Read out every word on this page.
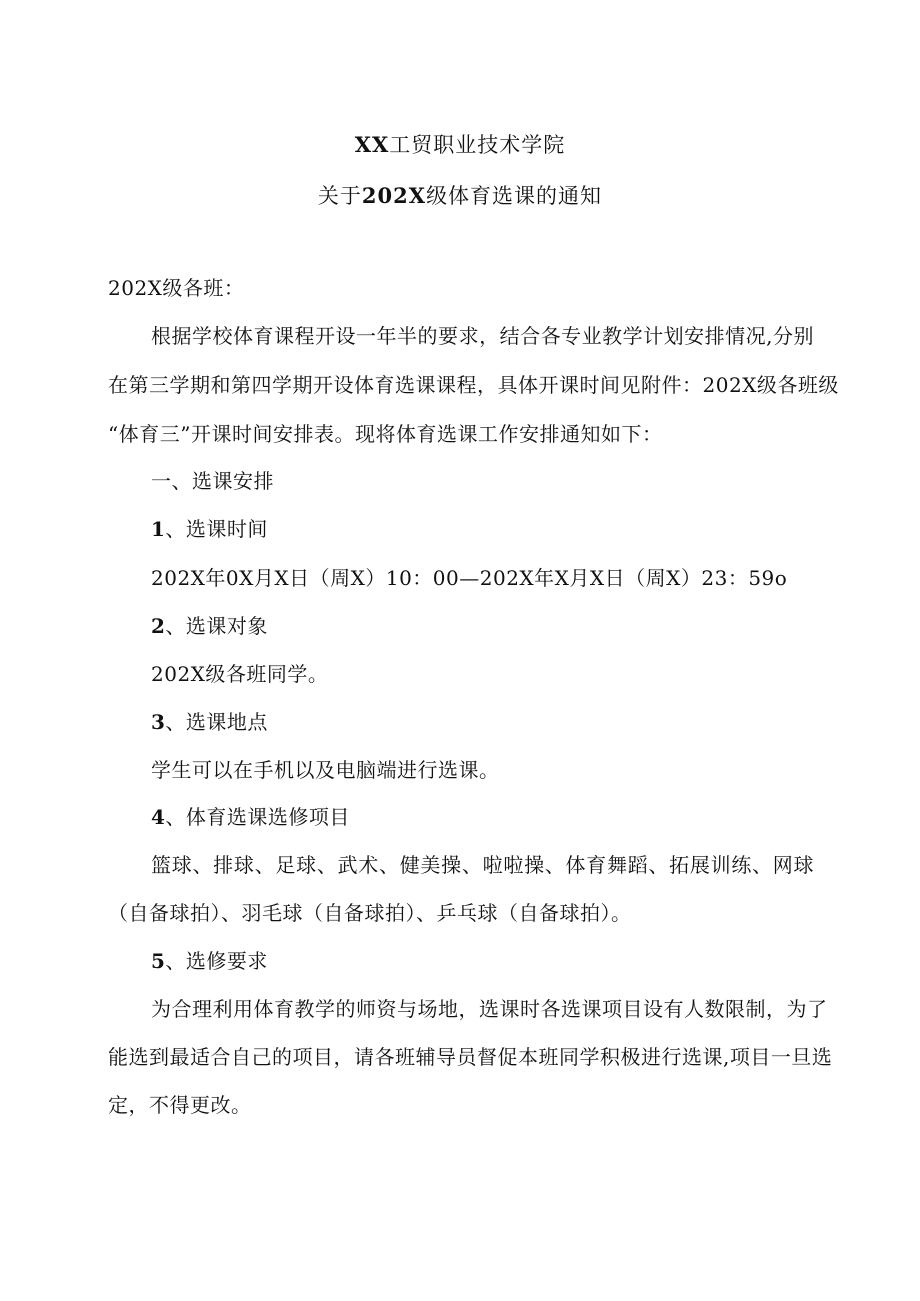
XX工贸职业技术学院
关于202X级体育选课的通知
202X级各班：
根据学校体育课程开设一年半的要求，结合各专业教学计划安排情况,分别
在第三学期和第四学期开设体育选课课程，具体开课时间见附件：202X级各班级
“体育三”开课时间安排表。现将体育选课工作安排通知如下：
一、选课安排
1、选课时间
202X年0X月X日（周X）10：00—202X年X月X日（周X）23：59o
2、选课对象
202X级各班同学。
3、选课地点
学生可以在手机以及电脑端进行选课。
4、体育选课选修项目
篮球、排球、足球、武术、健美操、啦啦操、体育舞蹈、拓展训练、网球
（自备球拍）、羽毛球（自备球拍）、乒乓球（自备球拍）。
5、选修要求
为合理利用体育教学的师资与场地，选课时各选课项目设有人数限制，为了
能选到最适合自己的项目，请各班辅导员督促本班同学积极进行选课,项目一旦选
定，不得更改。
